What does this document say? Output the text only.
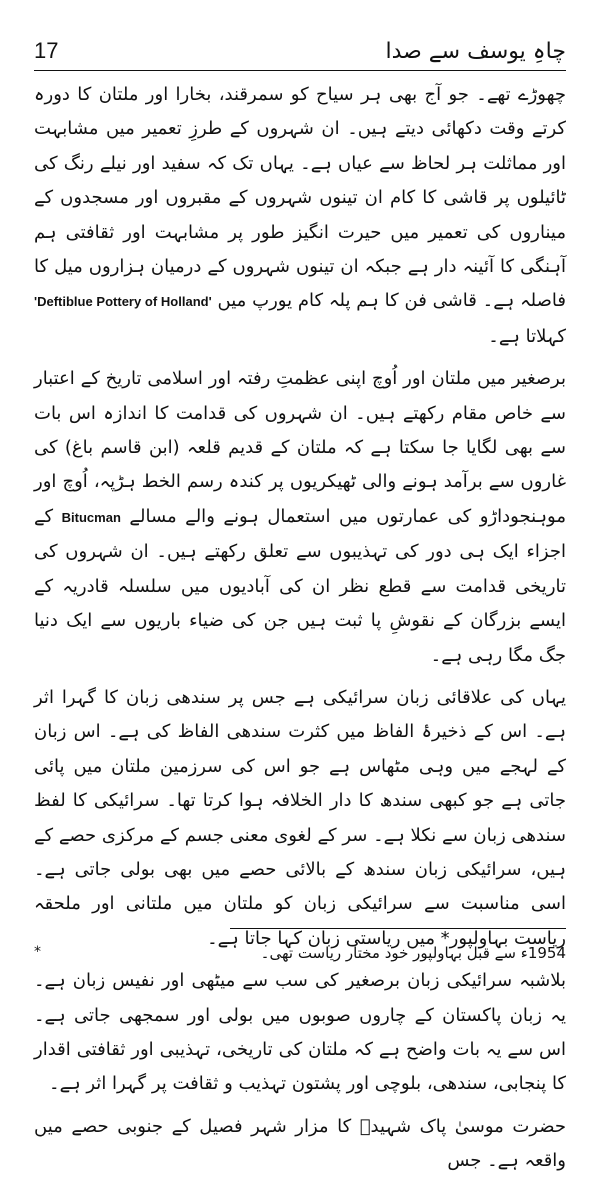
17	چاہِ یوسف سے صدا

چھوڑے تھے۔ جو آج بھی ہر سیاح کو سمرقند، بخارا اور ملتان کا دورہ کرتے وقت دکھائی دیتے ہیں۔ ان شہروں کے طرزِ تعمیر میں مشابہت اور مماثلت ہر لحاظ سے عیاں ہے۔ یہاں تک کہ سفید اور نیلے رنگ کی ٹائیلوں پر قاشی کا کام ان تینوں شہروں کے مقبروں اور مسجدوں کے میناروں کی تعمیر میں حیرت انگیز طور پر مشابہت اور ثقافتی ہم آہنگی کا آئینہ دار ہے جبکہ ان تینوں شہروں کے درمیان ہزاروں میل کا فاصلہ ہے۔ قاشی فن کا ہم پلہ کام یورپ میں 'Deftiblue Pottery of Holland' کہلاتا ہے۔

برصغیر میں ملتان اور اُوچ اپنی عظمتِ رفتہ اور اسلامی تاریخ کے اعتبار سے خاص مقام رکھتے ہیں۔ ان شہروں کی قدامت کا اندازہ اس بات سے بھی لگایا جا سکتا ہے کہ ملتان کے قدیم قلعہ (ابن قاسم باغ) کی غاروں سے برآمد ہونے والی ٹھیکریوں پر کندہ رسم الخط ہڑپہ، اُوچ اور موہنجوداڑو کی عمارتوں میں استعمال ہونے والے مسالے Bitucman کے اجزاء ایک ہی دور کی تہذیبوں سے تعلق رکھتے ہیں۔ ان شہروں کی تاریخی قدامت سے قطع نظر ان کی آبادیوں میں سلسلہ قادریہ کے ایسے بزرگان کے نقوشِ پا ثبت ہیں جن کی ضیاء باریوں سے ایک دنیا جگ مگا رہی ہے۔

یہاں کی علاقائی زبان سرائیکی ہے جس پر سندھی زبان کا گہرا اثر ہے۔ اس کے ذخیرۂ الفاظ میں کثرت سندھی الفاظ کی ہے۔ اس زبان کے لہجے میں وہی مٹھاس ہے جو اس کی سرزمین ملتان میں پائی جاتی ہے جو کبھی سندھ کا دار الخلافہ ہوا کرتا تھا۔ سرائیکی کا لفظ سندھی زبان سے نکلا ہے۔ سر کے لغوی معنی جسم کے مرکزی حصے کے ہیں، سرائیکی زبان سندھ کے بالائی حصے میں بھی بولی جاتی ہے۔ اسی مناسبت سے سرائیکی زبان کو ملتان میں ملتانی اور ملحقہ ریاست بہاولپور* میں ریاستی زبان کہا جاتا ہے۔

بلاشبہ سرائیکی زبان برصغیر کی سب سے میٹھی اور نفیس زبان ہے۔ یہ زبان پاکستان کے چاروں صوبوں میں بولی اور سمجھی جاتی ہے۔ اس سے یہ بات واضح ہے کہ ملتان کی تاریخی، تہذیبی اور ثقافتی اقدار کا پنجابی، سندھی، بلوچی اور پشتون تہذیب و ثقافت پر گہرا اثر ہے۔

حضرت موسیٰ پاک شہیدؒ کا مزار شہر فصیل کے جنوبی حصے میں واقعہ ہے۔ جس

*	1954ء سے قبل بہاولپور خود مختار ریاست تھی۔
